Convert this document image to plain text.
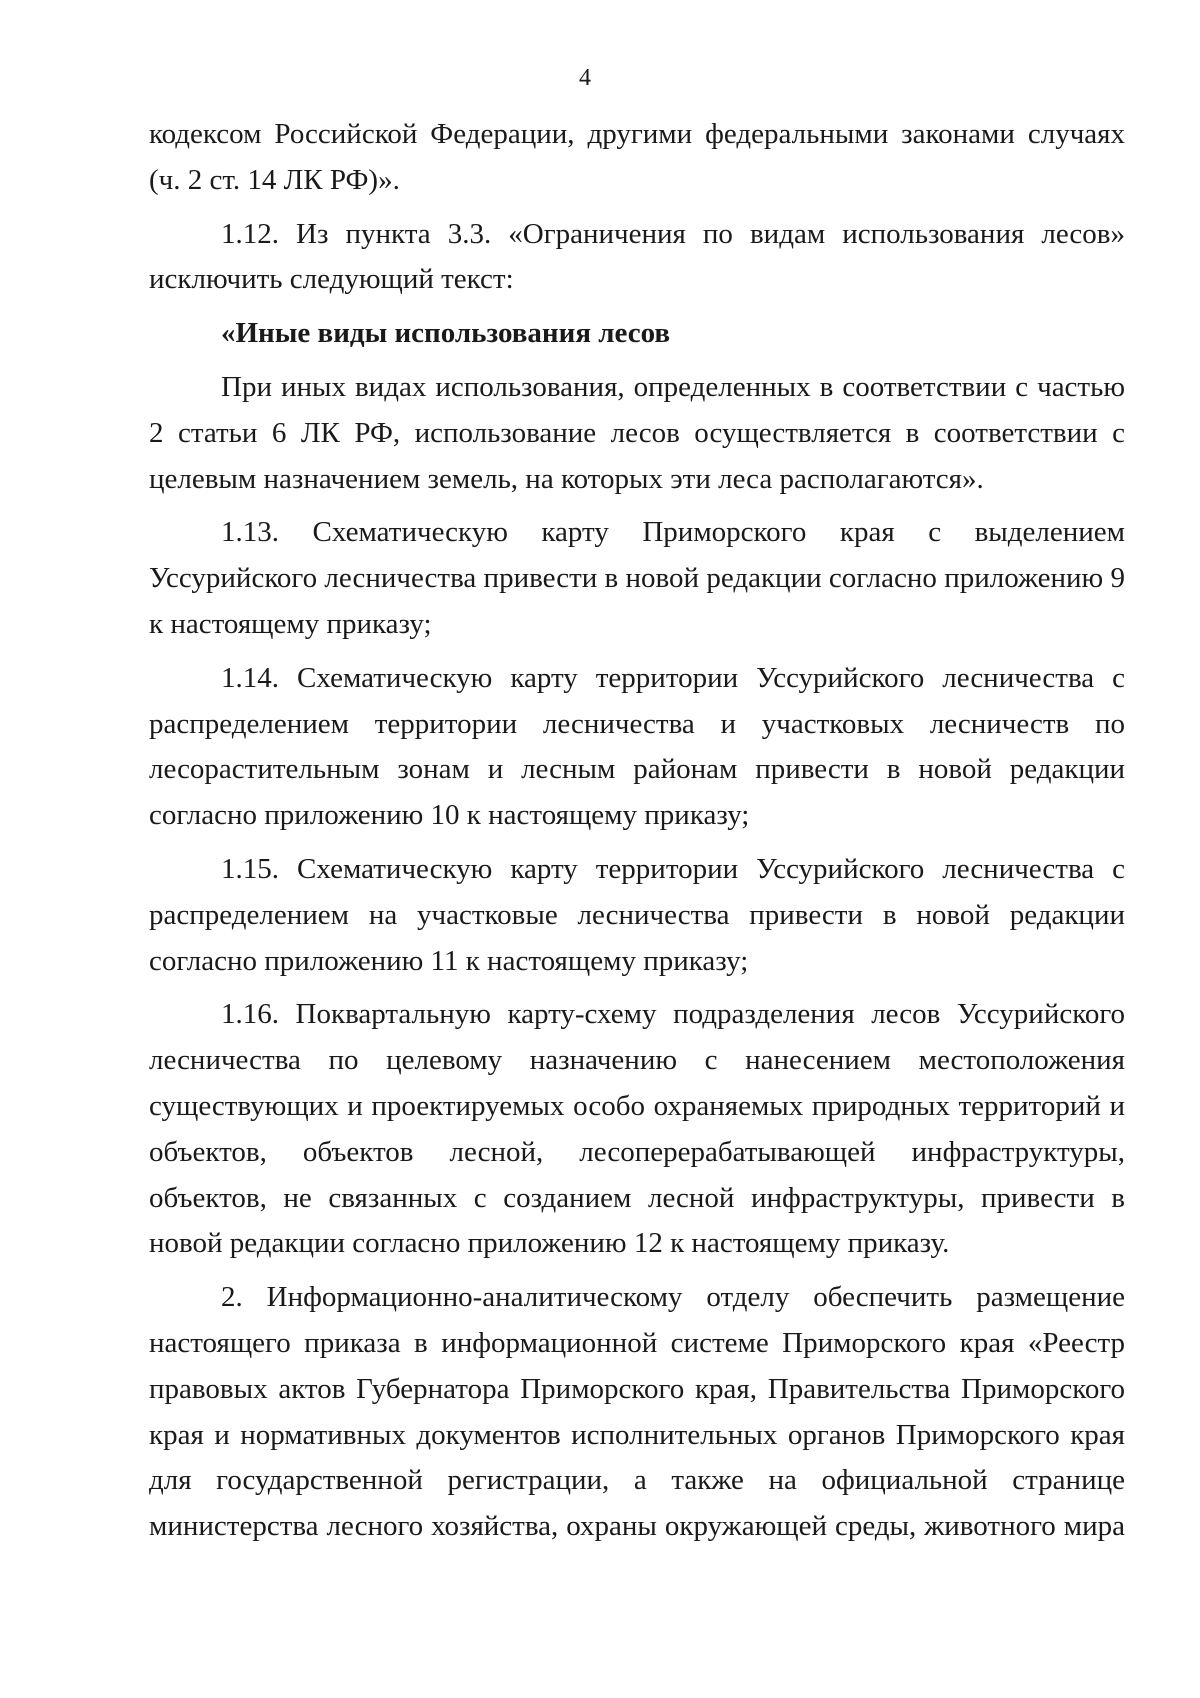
4

кодексом Российской Федерации, другими федеральными законами случаях (ч. 2 ст. 14 ЛК РФ)».

1.12. Из пункта 3.3. «Ограничения по видам использования лесов» исключить следующий текст:

«Иные виды использования лесов

При иных видах использования, определенных в соответствии с частью 2 статьи 6 ЛК РФ, использование лесов осуществляется в соответствии с целевым назначением земель, на которых эти леса располагаются».

1.13. Схематическую карту Приморского края с выделением Уссурийского лесничества привести в новой редакции согласно приложению 9 к настоящему приказу;

1.14. Схематическую карту территории Уссурийского лесничества с распределением территории лесничества и участковых лесничеств по лесорастительным зонам и лесным районам привести в новой редакции согласно приложению 10 к настоящему приказу;

1.15. Схематическую карту территории Уссурийского лесничества с распределением на участковые лесничества привести в новой редакции согласно приложению 11 к настоящему приказу;

1.16. Поквартальную карту-схему подразделения лесов Уссурийского лесничества по целевому назначению с нанесением местоположения существующих и проектируемых особо охраняемых природных территорий и объектов, объектов лесной, лесоперерабатывающей инфраструктуры, объектов, не связанных с созданием лесной инфраструктуры, привести в новой редакции согласно приложению 12 к настоящему приказу.

2. Информационно-аналитическому отделу обеспечить размещение настоящего приказа в информационной системе Приморского края «Реестр правовых актов Губернатора Приморского края, Правительства Приморского края и нормативных документов исполнительных органов Приморского края для государственной регистрации, а также на официальной странице министерства лесного хозяйства, охраны окружающей среды, животного мира
